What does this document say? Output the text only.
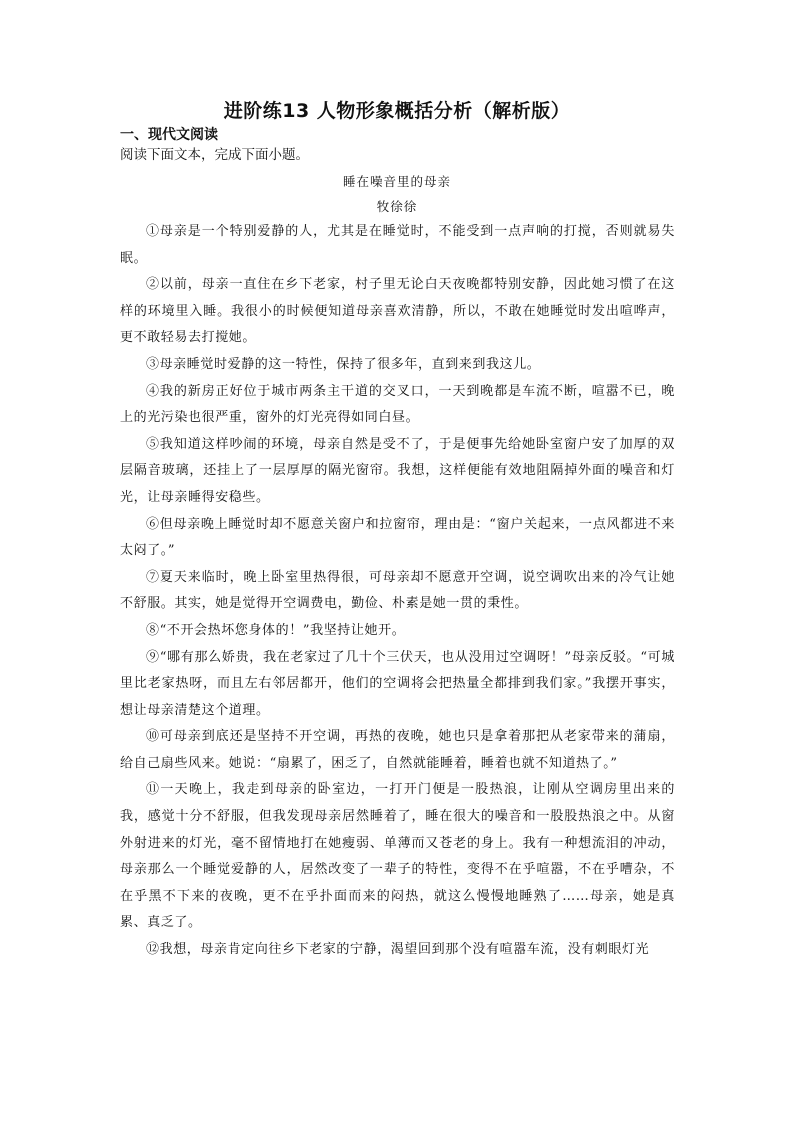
进阶练13 人物形象概括分析（解析版）
一、现代文阅读
阅读下面文本，完成下面小题。
睡在噪音里的母亲
牧徐徐

①母亲是一个特别爱静的人，尤其是在睡觉时，不能受到一点声响的打搅，否则就易失眠。

②以前，母亲一直住在乡下老家，村子里无论白天夜晚都特别安静，因此她习惯了在这样的环境里入睡。我很小的时候便知道母亲喜欢清静，所以，不敢在她睡觉时发出喧哗声，更不敢轻易去打搅她。

③母亲睡觉时爱静的这一特性，保持了很多年，直到来到我这儿。

④我的新房正好位于城市两条主干道的交叉口，一天到晚都是车流不断，喧嚣不已，晚上的光污染也很严重，窗外的灯光亮得如同白昼。

⑤我知道这样吵闹的环境，母亲自然是受不了，于是便事先给她卧室窗户安了加厚的双层隔音玻璃，还挂上了一层厚厚的隔光窗帘。我想，这样便能有效地阻隔掉外面的噪音和灯光，让母亲睡得安稳些。

⑥但母亲晚上睡觉时却不愿意关窗户和拉窗帘，理由是：“窗户关起来，一点风都进不来太闷了。”

⑦夏天来临时，晚上卧室里热得很，可母亲却不愿意开空调，说空调吹出来的冷气让她不舒服。其实，她是觉得开空调费电，勤俭、朴素是她一贯的秉性。

⑧“不开会热坏您身体的！”我坚持让她开。

⑨“哪有那么娇贵，我在老家过了几十个三伏天，也从没用过空调呀！”母亲反驳。“可城里比老家热呀，而且左右邻居都开，他们的空调将会把热量全都排到我们家。”我摆开事实，想让母亲清楚这个道理。

⑩可母亲到底还是坚持不开空调，再热的夜晚，她也只是拿着那把从老家带来的蒲扇，给自己扇些风来。她说：“扇累了，困乏了，自然就能睡着，睡着也就不知道热了。”

⑪一天晚上，我走到母亲的卧室边，一打开门便是一股热浪，让刚从空调房里出来的我，感觉十分不舒服，但我发现母亲居然睡着了，睡在很大的噪音和一股股热浪之中。从窗外射进来的灯光，毫不留情地打在她瘦弱、单薄而又苍老的身上。我有一种想流泪的冲动，母亲那么一个睡觉爱静的人，居然改变了一辈子的特性，变得不在乎喧嚣，不在乎嘈杂，不在乎黑不下来的夜晚，更不在乎扑面而来的闷热，就这么慢慢地睡熟了……母亲，她是真累、真乏了。

⑫我想，母亲肯定向往乡下老家的宁静，渴望回到那个没有喧嚣车流，没有刺眼灯光
